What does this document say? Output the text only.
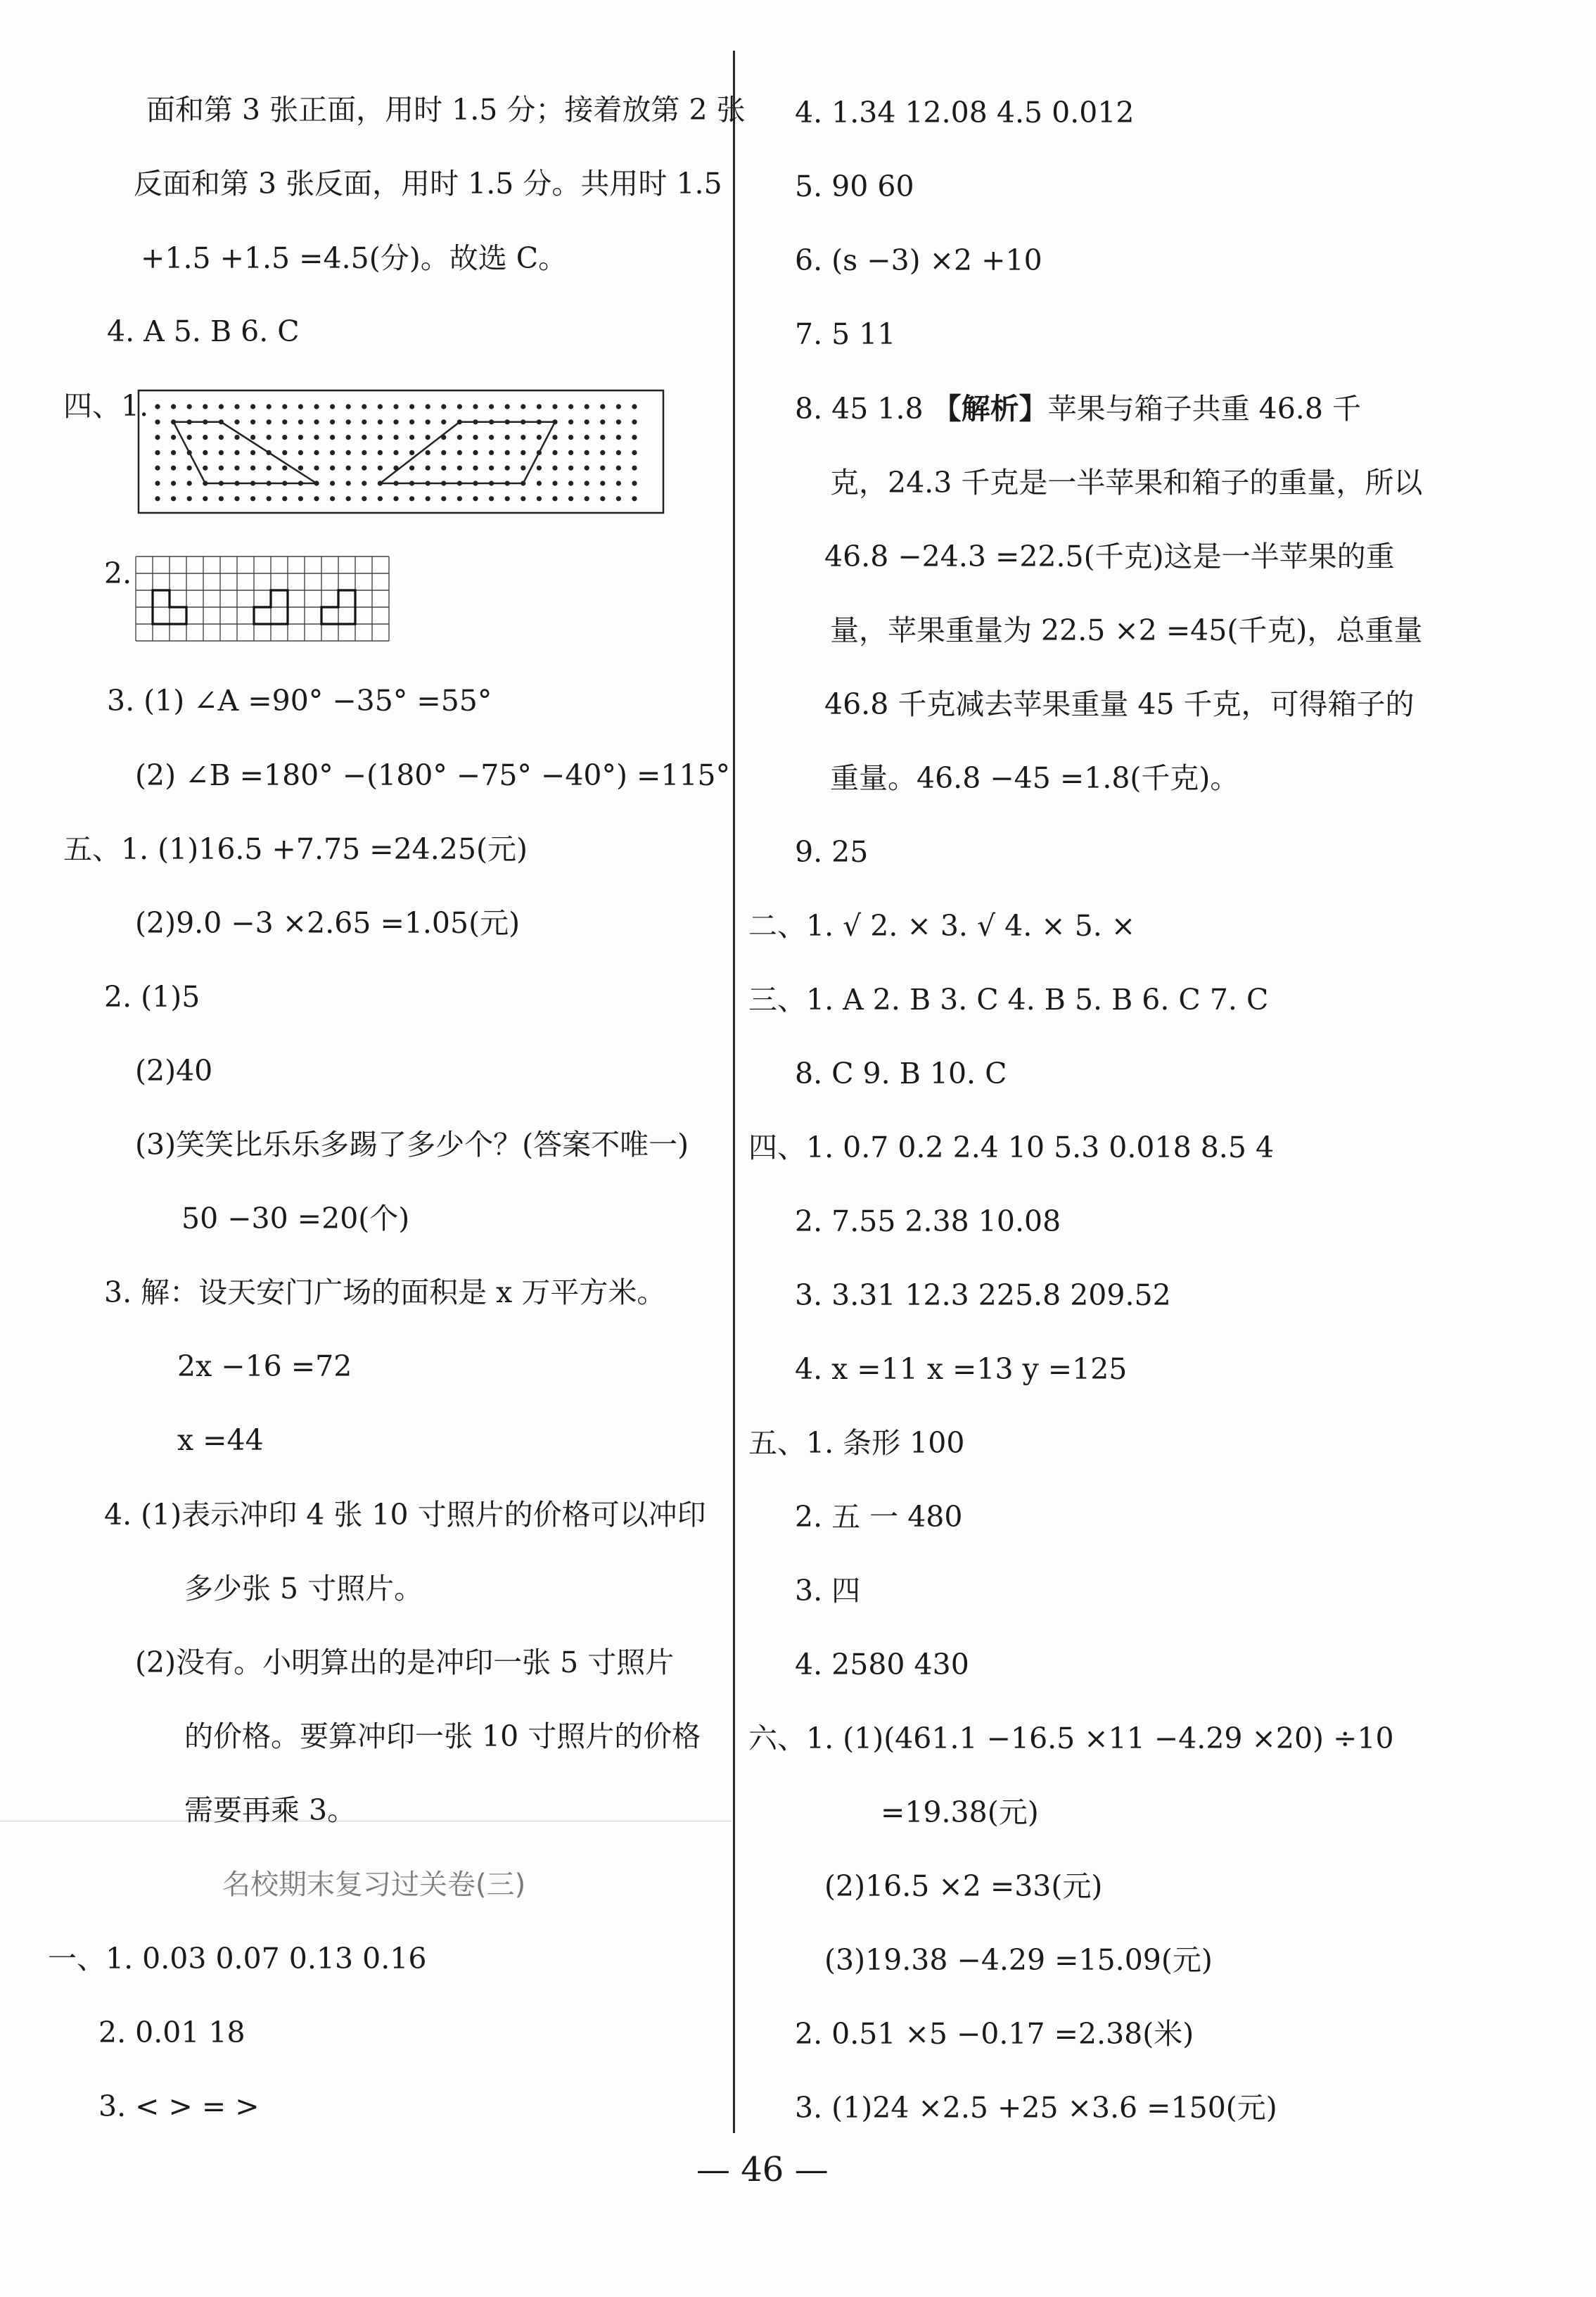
面和第 3 张正面，用时 1.5 分；接着放第 2 张
反面和第 3 张反面，用时 1.5 分。共用时 1.5
+1.5 +1.5 =4.5(分)。故选 C。
4. A 5. B 6. C
四、1.
2.
3. (1) ∠A =90° −35° =55°
(2) ∠B =180° −(180° −75° −40°) =115°
五、1. (1)16.5 +7.75 =24.25(元)
(2)9.0 −3 ×2.65 =1.05(元)
2. (1)5
(2)40
(3)笑笑比乐乐多踢了多少个？(答案不唯一)
50 −30 =20(个)
3. 解：设天安门广场的面积是 x 万平方米。
2x −16 =72
x =44
4. (1)表示冲印 4 张 10 寸照片的价格可以冲印
多少张 5 寸照片。
(2)没有。小明算出的是冲印一张 5 寸照片
的价格。要算冲印一张 10 寸照片的价格
需要再乘 3。
名校期末复习过关卷(三)
一、1. 0.03 0.07 0.13 0.16
2. 0.01 18
3. < > = >
4. 1.34 12.08 4.5 0.012
5. 90 60
6. (s −3) ×2 +10
7. 5 11
8. 45 1.8 【解析】苹果与箱子共重 46.8 千
克，24.3 千克是一半苹果和箱子的重量，所以
46.8 −24.3 =22.5(千克)这是一半苹果的重
量，苹果重量为 22.5 ×2 =45(千克)，总重量
46.8 千克减去苹果重量 45 千克，可得箱子的
重量。46.8 −45 =1.8(千克)。
9. 25
二、1. √ 2. × 3. √ 4. × 5. ×
三、1. A 2. B 3. C 4. B 5. B 6. C 7. C
8. C 9. B 10. C
四、1. 0.7 0.2 2.4 10 5.3 0.018 8.5 4
2. 7.55 2.38 10.08
3. 3.31 12.3 225.8 209.52
4. x =11 x =13 y =125
五、1. 条形 100
2. 五 一 480
3. 四
4. 2580 430
六、1. (1)(461.1 −16.5 ×11 −4.29 ×20) ÷10
=19.38(元)
(2)16.5 ×2 =33(元)
(3)19.38 −4.29 =15.09(元)
2. 0.51 ×5 −0.17 =2.38(米)
3. (1)24 ×2.5 +25 ×3.6 =150(元)
— 46 —
